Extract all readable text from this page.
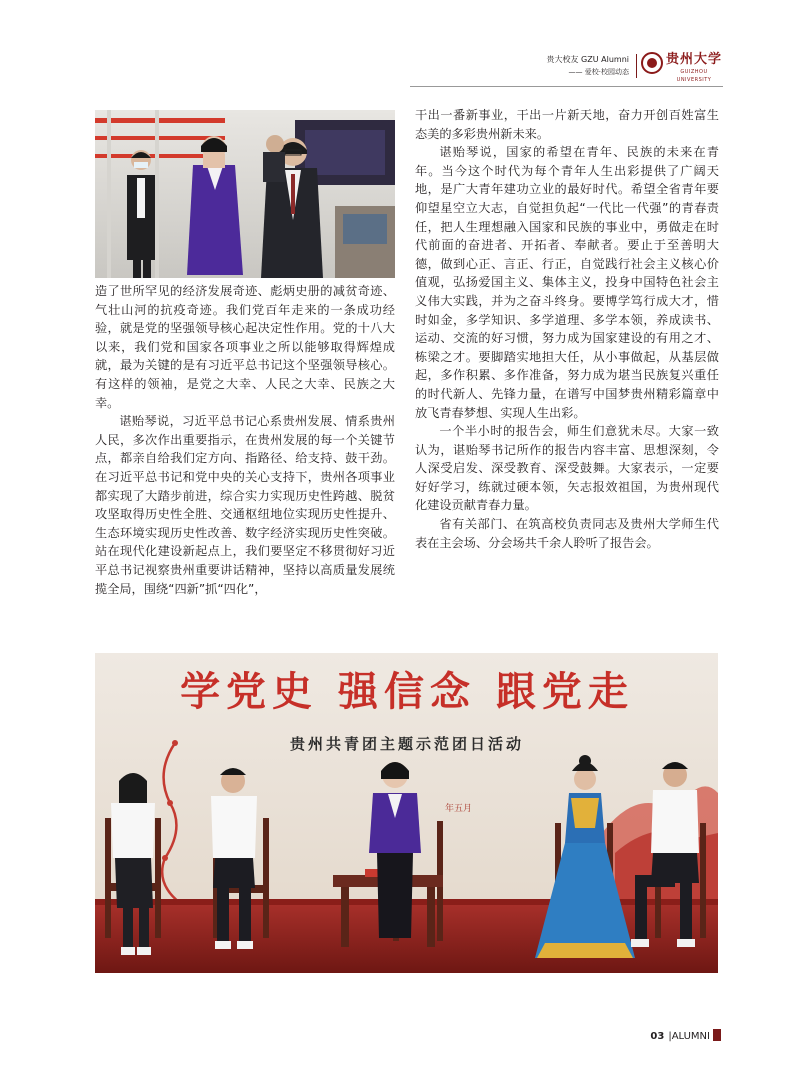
贵大校友 GZU Alumni
—— 爱校·校园动态
贵州大学
GUIZHOU UNIVERSITY

造了世所罕见的经济发展奇迹、彪炳史册的减贫奇迹、气壮山河的抗疫奇迹。我们党百年走来的一条成功经验，就是党的坚强领导核心起决定性作用。党的十八大以来，我们党和国家各项事业之所以能够取得辉煌成就，最为关键的是有习近平总书记这个坚强领导核心。有这样的领袖，是党之大幸、人民之大幸、民族之大幸。

谌贻琴说，习近平总书记心系贵州发展、情系贵州人民，多次作出重要指示，在贵州发展的每一个关键节点，都亲自给我们定方向、指路径、给支持、鼓干劲。在习近平总书记和党中央的关心支持下，贵州各项事业都实现了大踏步前进，综合实力实现历史性跨越、脱贫攻坚取得历史性全胜、交通枢纽地位实现历史性提升、生态环境实现历史性改善、数字经济实现历史性突破。站在现代化建设新起点上，我们要坚定不移贯彻好习近平总书记视察贵州重要讲话精神，坚持以高质量发展统揽全局，围绕“四新”抓“四化”，

干出一番新事业，干出一片新天地，奋力开创百姓富生态美的多彩贵州新未来。

谌贻琴说，国家的希望在青年、民族的未来在青年。当今这个时代为每个青年人生出彩提供了广阔天地，是广大青年建功立业的最好时代。希望全省青年要仰望星空立大志，自觉担负起“一代比一代强”的青春责任，把人生理想融入国家和民族的事业中，勇做走在时代前面的奋进者、开拓者、奉献者。要止于至善明大德，做到心正、言正、行正，自觉践行社会主义核心价值观，弘扬爱国主义、集体主义，投身中国特色社会主义伟大实践，并为之奋斗终身。要博学笃行成大才，惜时如金，多学知识、多学道理、多学本领，养成读书、运动、交流的好习惯，努力成为国家建设的有用之才、栋梁之才。要脚踏实地担大任，从小事做起，从基层做起，多作积累、多作准备，努力成为堪当民族复兴重任的时代新人、先锋力量，在谱写中国梦贵州精彩篇章中放飞青春梦想、实现人生出彩。

一个半小时的报告会，师生们意犹未尽。大家一致认为，谌贻琴书记所作的报告内容丰富、思想深刻，令人深受启发、深受教育、深受鼓舞。大家表示，一定要好好学习，练就过硬本领，矢志报效祖国，为贵州现代化建设贡献青春力量。

省有关部门、在筑高校负责同志及贵州大学师生代表在主会场、分会场共千余人聆听了报告会。

学党史 强信念 跟党走
贵州共青团主题示范团日活动
年五月
03 |ALUMNI
